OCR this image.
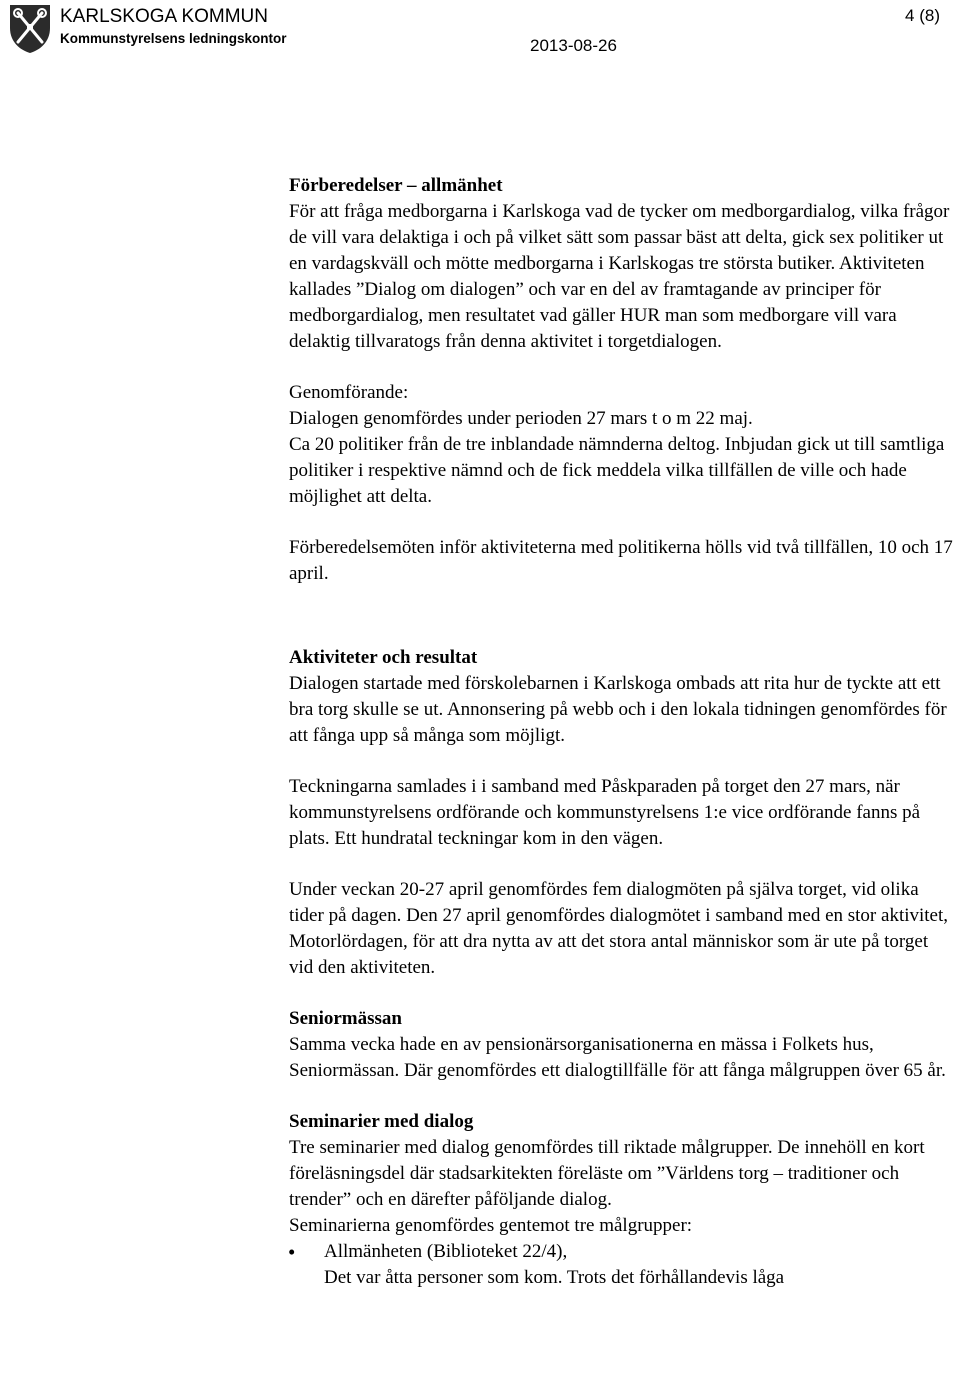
KARLSKOGA KOMMUN
Kommunstyrelsens ledningskontor	2013-08-26
4 (8)

Förberedelser – allmänhet

För att fråga medborgarna i Karlskoga vad de tycker om medborgardialog, vilka frågor de vill vara delaktiga i och på vilket sätt som passar bäst att delta, gick sex politiker ut en vardagskväll och mötte medborgarna i Karlskogas tre största butiker. Aktiviteten kallades ”Dialog om dialogen” och var en del av framtagande av principer för medborgardialog, men resultatet vad gäller HUR man som medborgare vill vara delaktig tillvaratogs från denna aktivitet i torgetdialogen.

Genomförande:

Dialogen genomfördes under perioden 27 mars t o m 22 maj.

Ca 20 politiker från de tre inblandade nämnderna deltog. Inbjudan gick ut till samtliga politiker i respektive nämnd och de fick meddela vilka tillfällen de ville och hade möjlighet att delta.

Förberedelsemöten inför aktiviteterna med politikerna hölls vid två tillfällen, 10 och 17 april.

Aktiviteter och resultat

Dialogen startade med förskolebarnen i Karlskoga ombads att rita hur de tyckte att ett bra torg skulle se ut. Annonsering på webb och i den lokala tidningen genomfördes för att fånga upp så många som möjligt.

Teckningarna samlades i i samband med Påskparaden på torget den 27 mars, när kommunstyrelsens ordförande och kommunstyrelsens 1:e vice ordförande fanns på plats. Ett hundratal teckningar kom in den vägen.

Under veckan 20-27 april genomfördes fem dialogmöten på själva torget, vid olika tider på dagen. Den 27 april genomfördes dialogmötet i samband med en stor aktivitet, Motorlördagen, för att dra nytta av att det stora antal människor som är ute på torget vid den aktiviteten.

Seniormässan

Samma vecka hade en av pensionärsorganisationerna en mässa i Folkets hus, Seniormässan. Där genomfördes ett dialogtillfälle för att fånga målgruppen över 65 år.

Seminarier med dialog

Tre seminarier med dialog genomfördes till riktade målgrupper. De innehöll en kort föreläsningsdel där stadsarkitekten föreläste om ”Världens torg – traditioner och trender” och en därefter påföljande dialog.

Seminarierna genomfördes gentemot tre målgrupper:

• Allmänheten (Biblioteket 22/4),
Det var åtta personer som kom. Trots det förhållandevis låga
